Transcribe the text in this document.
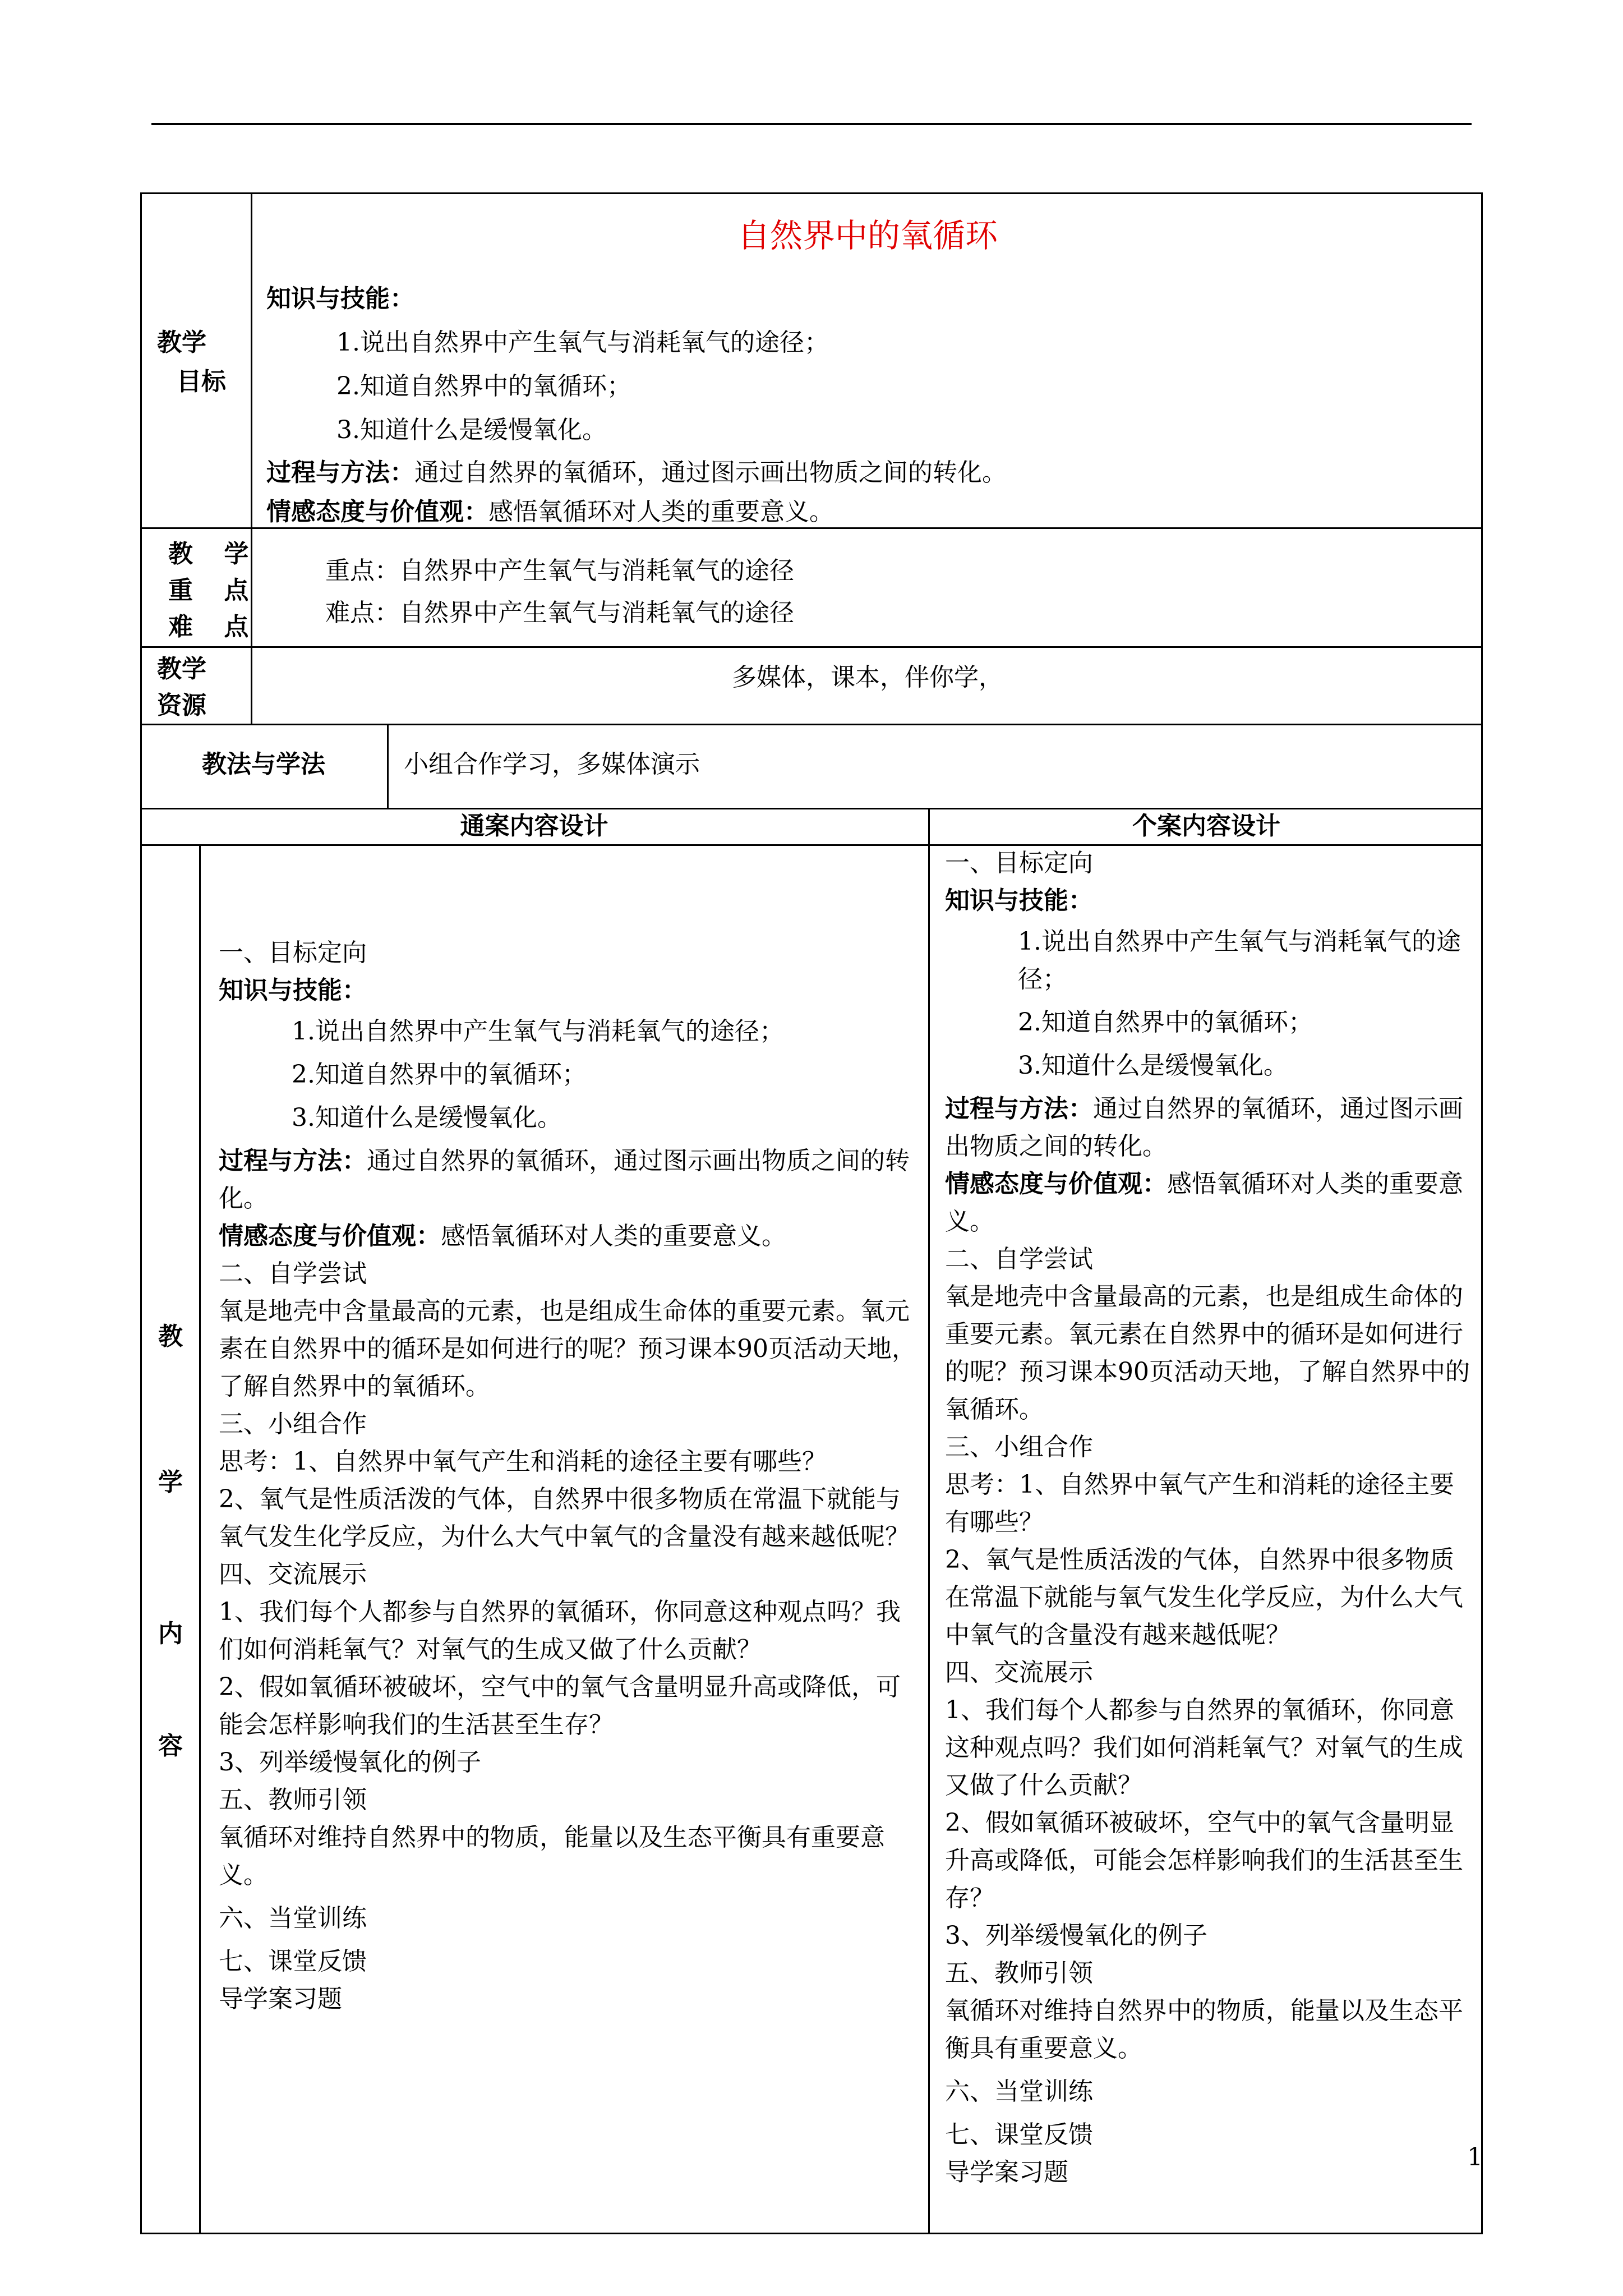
自然界中的氧循环
教学
目标
知识与技能：
1.说出自然界中产生氧气与消耗氧气的途径；
2.知道自然界中的氧循环；
3.知道什么是缓慢氧化。
过程与方法：通过自然界的氧循环，通过图示画出物质之间的转化。
情感态度与价值观：感悟氧循环对人类的重要意义。
教 学
重 点
难 点
重点：自然界中产生氧气与消耗氧气的途径
难点：自然界中产生氧气与消耗氧气的途径
教学
资源
多媒体，课本，伴你学，
教法与学法	小组合作学习，多媒体演示
通案内容设计	个案内容设计
教
学
内
容

一、目标定向

知识与技能：

1.说出自然界中产生氧气与消耗氧气的途径；

2.知道自然界中的氧循环；

3.知道什么是缓慢氧化。

过程与方法：通过自然界的氧循环，通过图示画出物质之间的转化。

情感态度与价值观：感悟氧循环对人类的重要意义。

二、自学尝试

氧是地壳中含量最高的元素，也是组成生命体的重要元素。氧元素在自然界中的循环是如何进行的呢？预习课本90页活动天地，了解自然界中的氧循环。

三、小组合作

思考：1、自然界中氧气产生和消耗的途径主要有哪些？

2、氧气是性质活泼的气体，自然界中很多物质在常温下就能与氧气发生化学反应，为什么大气中氧气的含量没有越来越低呢？

四、交流展示

1、我们每个人都参与自然界的氧循环，你同意这种观点吗？我们如何消耗氧气？对氧气的生成又做了什么贡献？

2、假如氧循环被破坏，空气中的氧气含量明显升高或降低，可能会怎样影响我们的生活甚至生存？

3、列举缓慢氧化的例子

五、教师引领

氧循环对维持自然界中的物质，能量以及生态平衡具有重要意义。

六、当堂训练

七、课堂反馈

导学案习题

一、目标定向

知识与技能：

1.说出自然界中产生氧气与消耗氧气的途径；

2.知道自然界中的氧循环；

3.知道什么是缓慢氧化。

过程与方法：通过自然界的氧循环，通过图示画出物质之间的转化。

情感态度与价值观：感悟氧循环对人类的重要意义。

二、自学尝试

氧是地壳中含量最高的元素，也是组成生命体的重要元素。氧元素在自然界中的循环是如何进行的呢？预习课本90页活动天地，了解自然界中的氧循环。

三、小组合作

思考：1、自然界中氧气产生和消耗的途径主要有哪些？

2、氧气是性质活泼的气体，自然界中很多物质在常温下就能与氧气发生化学反应，为什么大气中氧气的含量没有越来越低呢？

四、交流展示

1、我们每个人都参与自然界的氧循环，你同意这种观点吗？我们如何消耗氧气？对氧气的生成又做了什么贡献？

2、假如氧循环被破坏，空气中的氧气含量明显升高或降低，可能会怎样影响我们的生活甚至生存？

3、列举缓慢氧化的例子

五、教师引领

氧循环对维持自然界中的物质，能量以及生态平衡具有重要意义。

六、当堂训练

七、课堂反馈

导学案习题

1
